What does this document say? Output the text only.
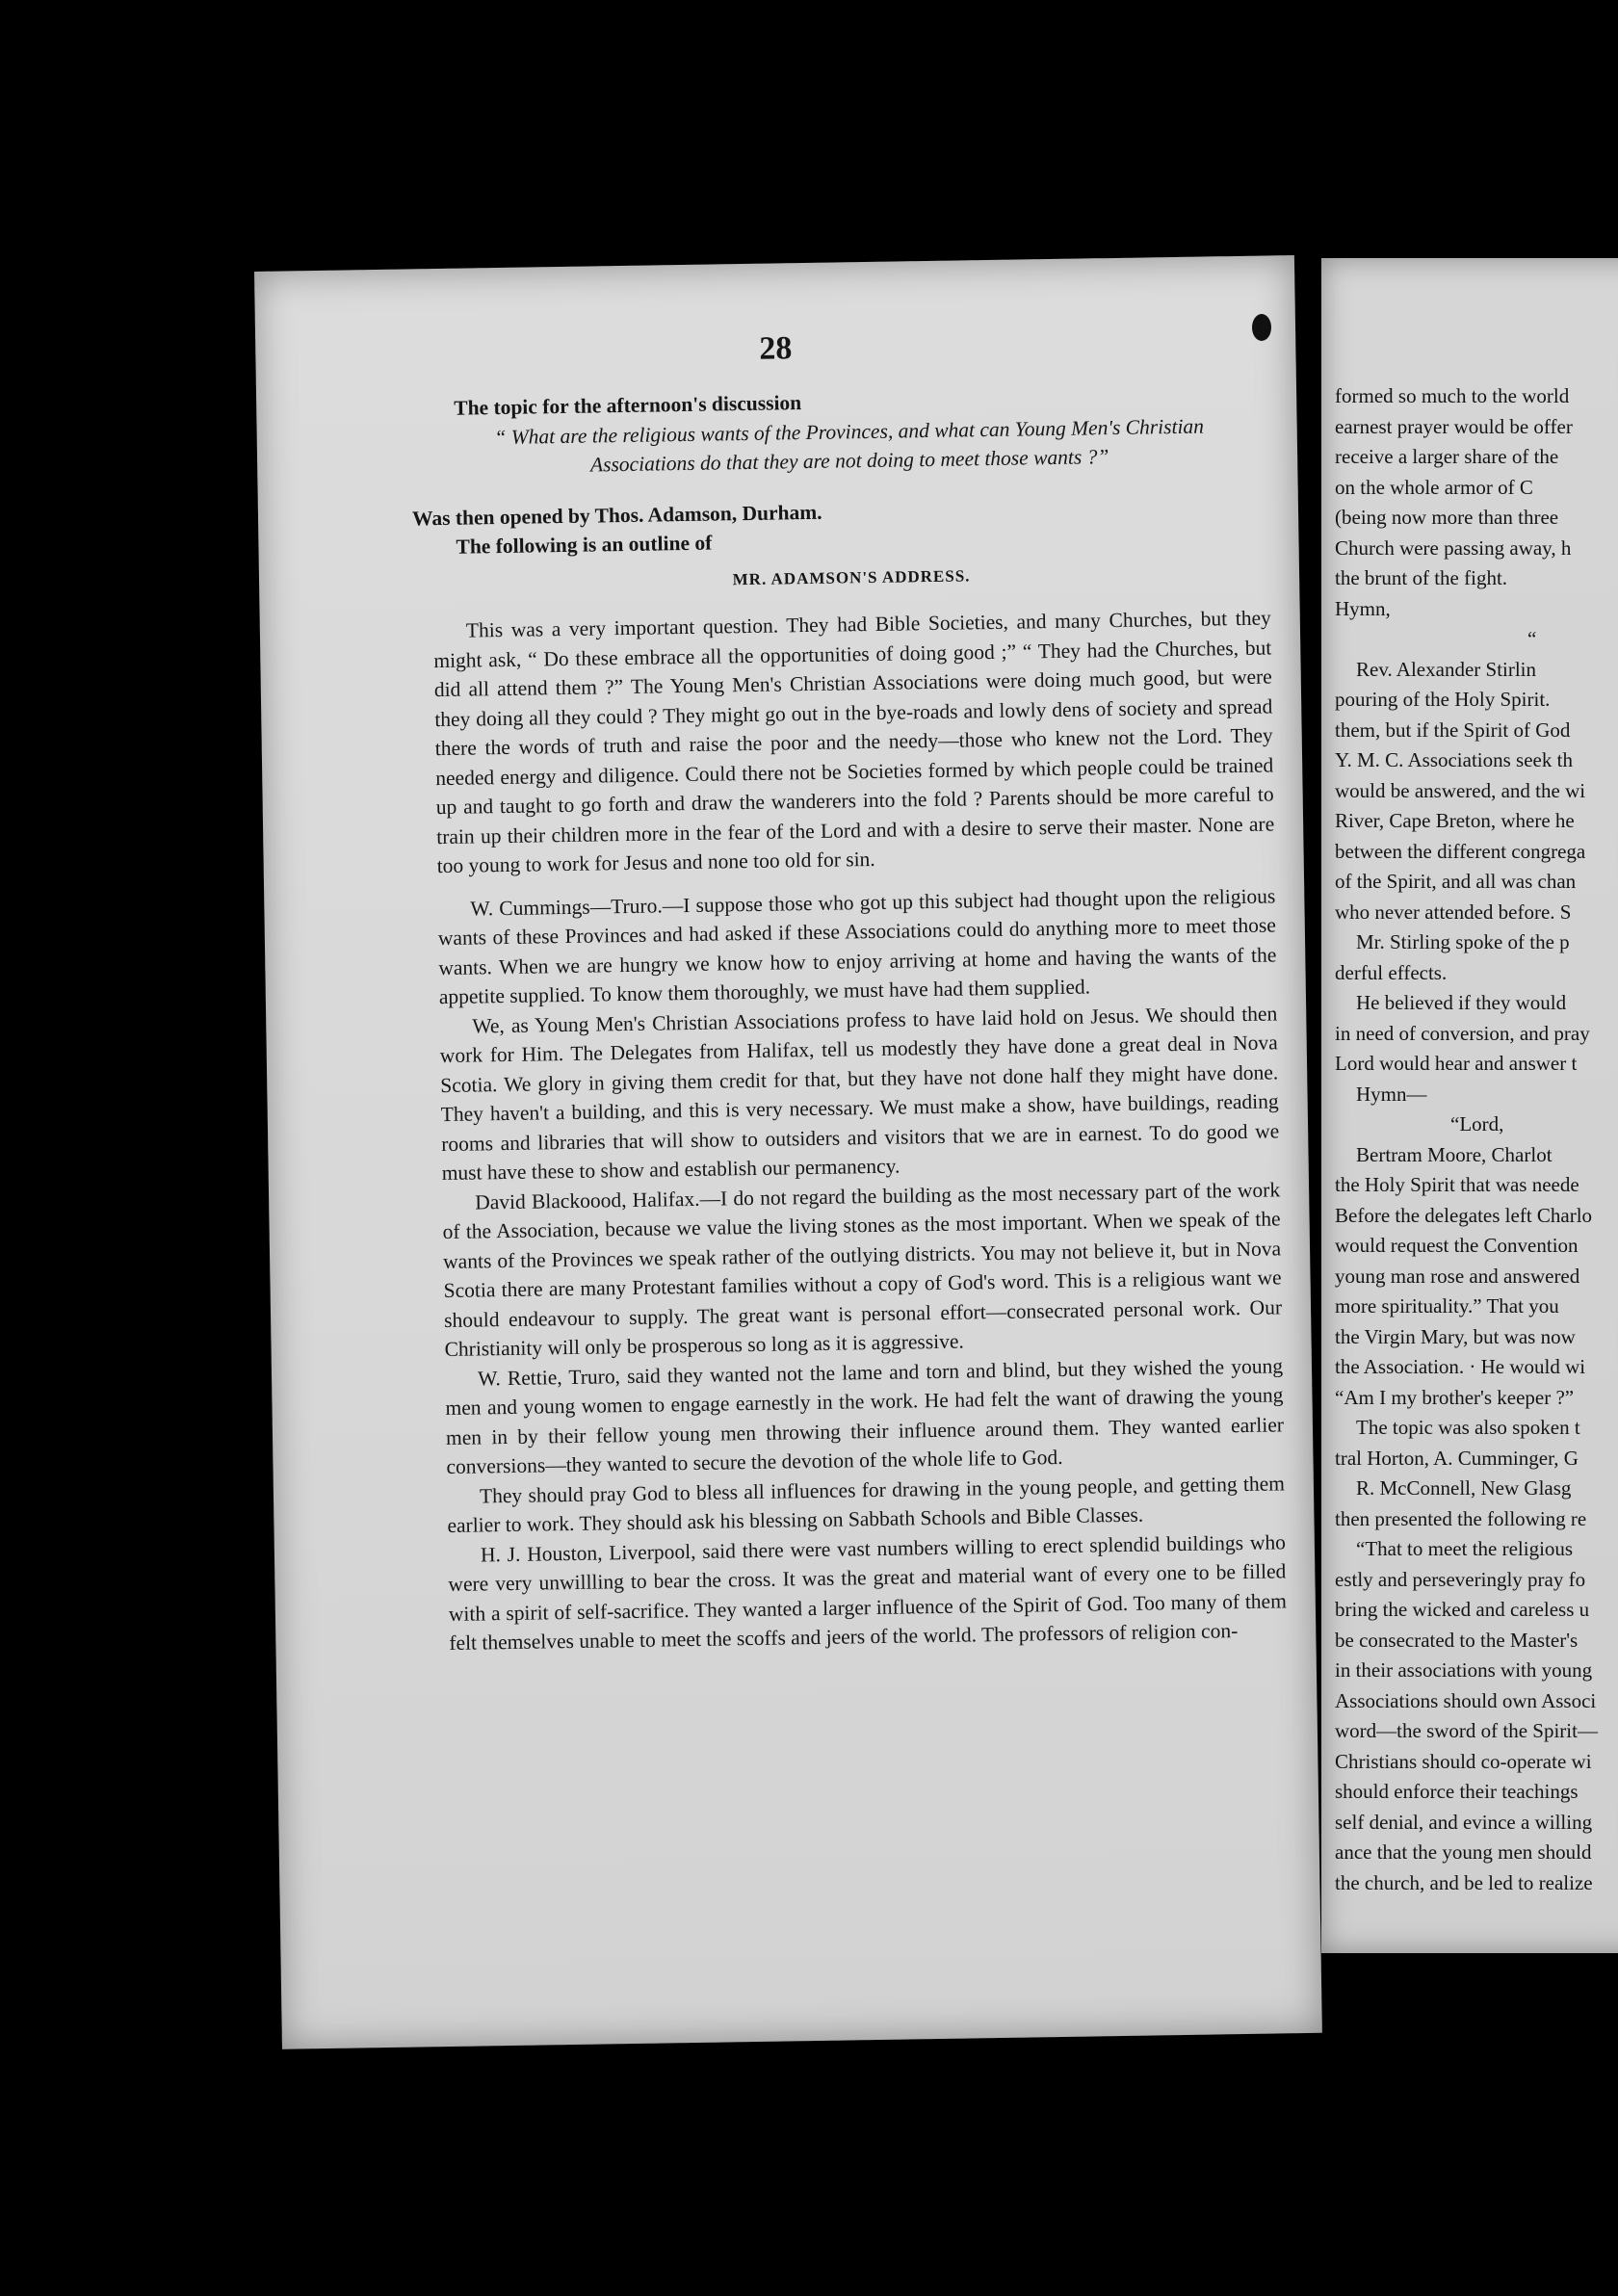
28

The topic for the afternoon's discussion

“ What are the religious wants of the Provinces, and what can Young Men's Christian Associations do that they are not doing to meet those wants ?”

Was then opened by Thos. Adamson, Durham.

The following is an outline of

MR. ADAMSON'S ADDRESS.

This was a very important question. They had Bible Societies, and many Churches, but they might ask, “ Do these embrace all the opportunities of doing good ;” “ They had the Churches, but did all attend them ?” The Young Men's Christian Associations were doing much good, but were they doing all they could ? They might go out in the bye-roads and lowly dens of society and spread there the words of truth and raise the poor and the needy—those who knew not the Lord. They needed energy and diligence. Could there not be Societies formed by which people could be trained up and taught to go forth and draw the wanderers into the fold ? Parents should be more careful to train up their children more in the fear of the Lord and with a desire to serve their master. None are too young to work for Jesus and none too old for sin.

W. Cummings—Truro.—I suppose those who got up this subject had thought upon the religious wants of these Provinces and had asked if these Associations could do anything more to meet those wants. When we are hungry we know how to enjoy arriving at home and having the wants of the appetite supplied. To know them thoroughly, we must have had them supplied.

We, as Young Men's Christian Associations profess to have laid hold on Jesus. We should then work for Him. The Delegates from Halifax, tell us modestly they have done a great deal in Nova Scotia. We glory in giving them credit for that, but they have not done half they might have done. They haven't a building, and this is very necessary. We must make a show, have buildings, reading rooms and libraries that will show to outsiders and visitors that we are in earnest. To do good we must have these to show and establish our permanency.

David Blackoood, Halifax.—I do not regard the building as the most necessary part of the work of the Association, because we value the living stones as the most important. When we speak of the wants of the Provinces we speak rather of the outlying districts. You may not believe it, but in Nova Scotia there are many Protestant families without a copy of God's word. This is a religious want we should endeavour to supply. The great want is personal effort—consecrated personal work. Our Christianity will only be prosperous so long as it is aggressive.

W. Rettie, Truro, said they wanted not the lame and torn and blind, but they wished the young men and young women to engage earnestly in the work. He had felt the want of drawing the young men in by their fellow young men throwing their influence around them. They wanted earlier conversions—they wanted to secure the devotion of the whole life to God.

They should pray God to bless all influences for drawing in the young people, and getting them earlier to work. They should ask his blessing on Sabbath Schools and Bible Classes.

H. J. Houston, Liverpool, said there were vast numbers willing to erect splendid buildings who were very unwillling to bear the cross. It was the great and material want of every one to be filled with a spirit of self-sacrifice. They wanted a larger influence of the Spirit of God. Too many of them felt themselves unable to meet the scoffs and jeers of the world. The professors of religion con-

formed so much to the world
earnest prayer would be offer
receive a larger share of the
on the whole armor of C
(being now more than three
Church were passing away, h
the brunt of the fight.
Hymn,
“
Rev. Alexander Stirlin
pouring of the Holy Spirit.
them, but if the Spirit of God
Y. M. C. Associations seek th
would be answered, and the wi
River, Cape Breton, where he
between the different congrega
of the Spirit, and all was chan
who never attended before. S
Mr. Stirling spoke of the p
derful effects.
He believed if they would
in need of conversion, and pray
Lord would hear and answer t
Hymn—
“Lord,
Bertram Moore, Charlot
the Holy Spirit that was neede
Before the delegates left Charlo
would request the Convention
young man rose and answered
more spirituality.” That you
the Virgin Mary, but was now
the Association. · He would wi
“Am I my brother's keeper ?”
The topic was also spoken t
tral Horton, A. Cumminger, G
R. McConnell, New Glasg
then presented the following re
“That to meet the religious
estly and perseveringly pray fo
bring the wicked and careless u
be consecrated to the Master's
in their associations with young
Associations should own Associ
word—the sword of the Spirit—
Christians should co-operate wi
should enforce their teachings
self denial, and evince a willing
ance that the young men should
the church, and be led to realize
